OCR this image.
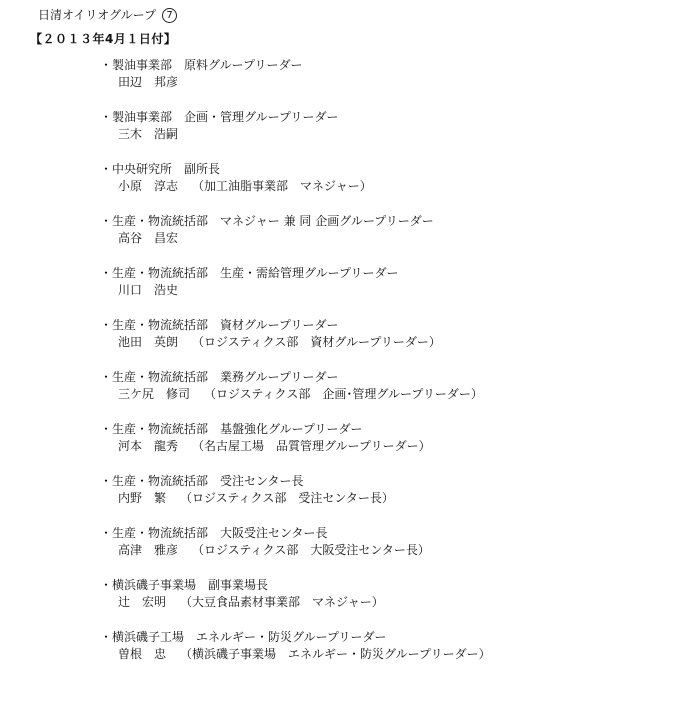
日清オイリオグループ	7
【２０１３年4月１日付】
・製油事業部　原料グループリーダー
田辺　邦彦
・製油事業部　企画・管理グループリーダー
三木　浩嗣
・中央研究所　副所長
小原　淳志 （加工油脂事業部　マネジャー）
・生産・物流統括部　マネジャー 兼 同 企画グループリーダー
高谷　昌宏
・生産・物流統括部　生産・需給管理グループリーダー
川口　浩史
・生産・物流統括部　資材グループリーダー
池田　英朗 （ロジスティクス部　資材グループリーダー）
・生産・物流統括部　業務グループリーダー
三ケ尻　修司 （ロジスティクス部　企画･管理グループリーダー）
・生産・物流統括部　基盤強化グループリーダー
河本　龍秀 （名古屋工場　品質管理グループリーダー）
・生産・物流統括部　受注センター長
内野　繁 （ロジスティクス部　受注センター長）
・生産・物流統括部　大阪受注センター長
高津　雅彦 （ロジスティクス部　大阪受注センター長）
・横浜磯子事業場　副事業場長
辻　宏明 （大豆食品素材事業部　マネジャー）
・横浜磯子工場　エネルギー・防災グループリーダー
曽根　忠 （横浜磯子事業場　エネルギー・防災グループリーダー）
